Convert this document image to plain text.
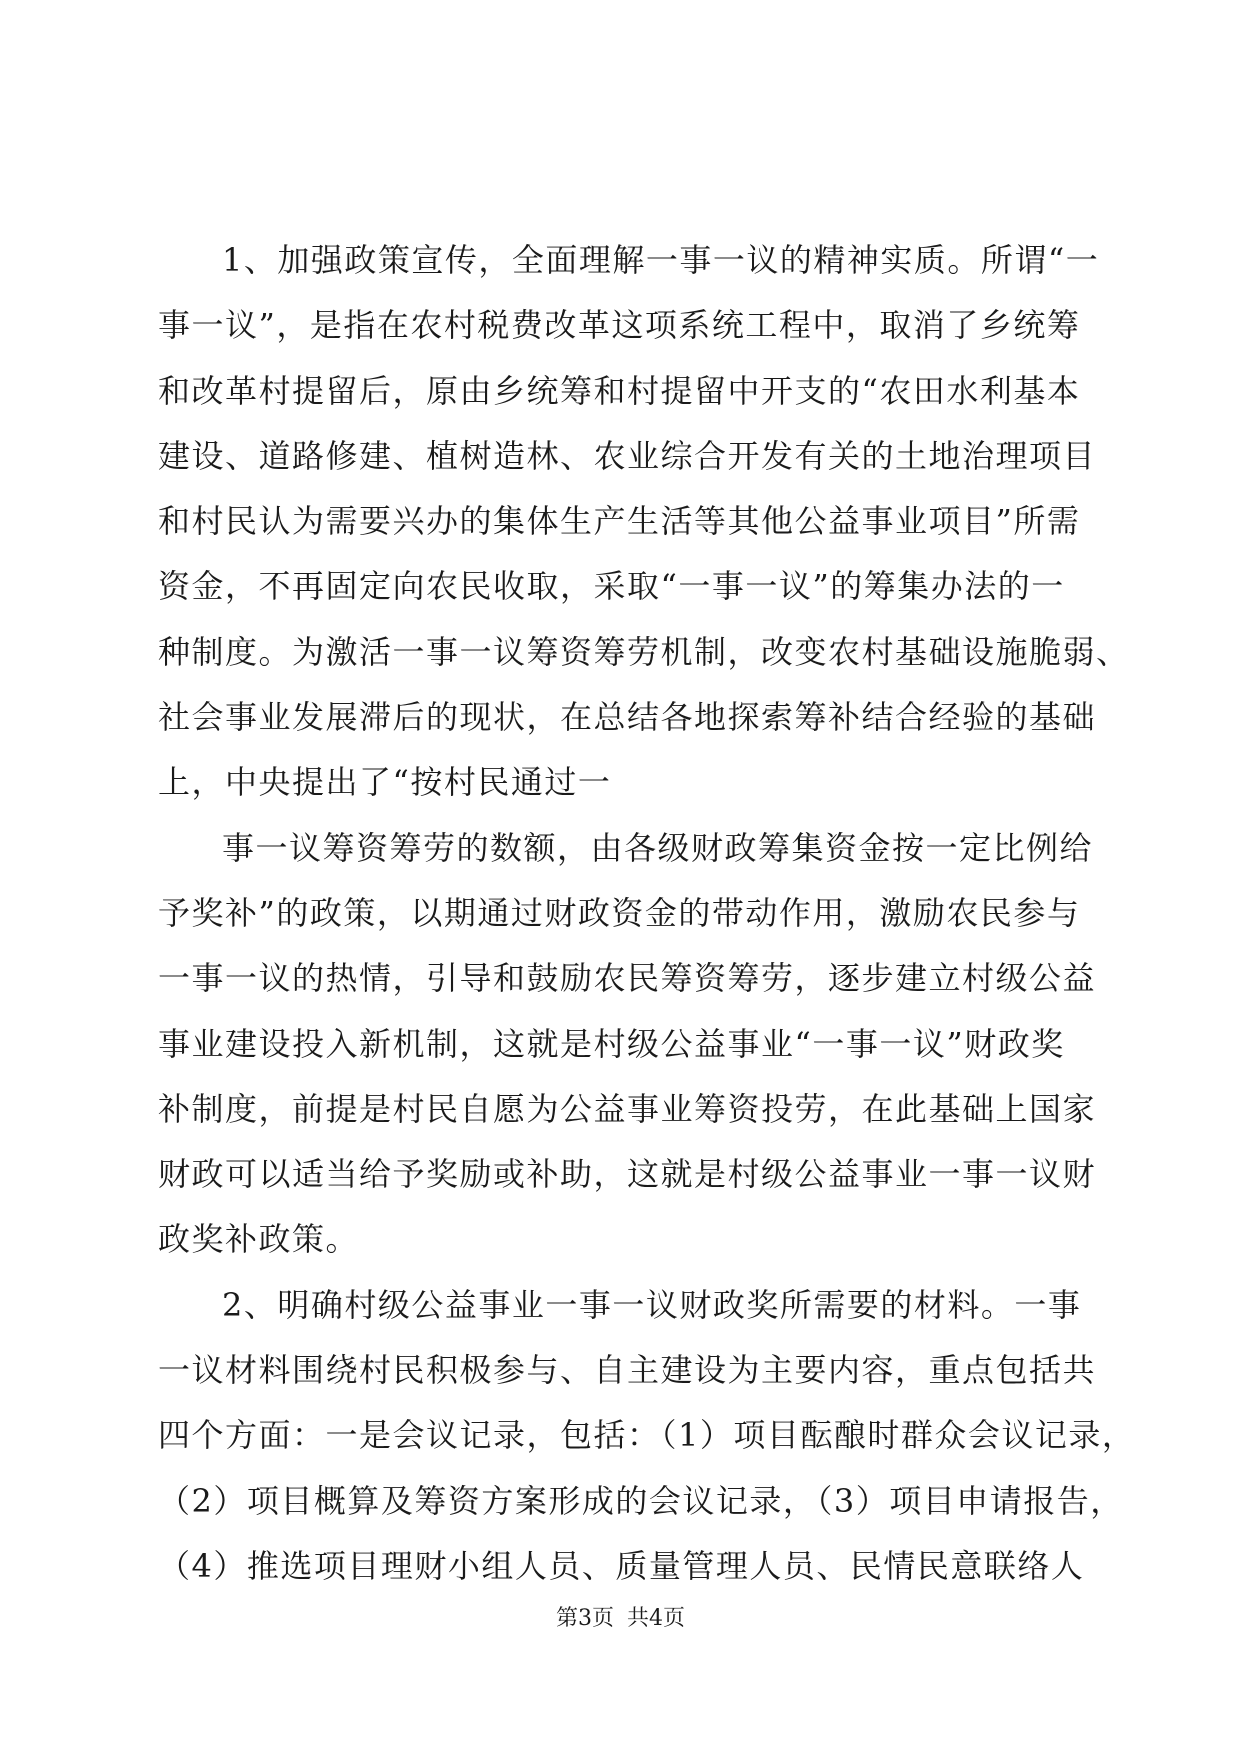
1、加强政策宣传，全面理解一事一议的精神实质。所谓“一
事一议”，是指在农村税费改革这项系统工程中，取消了乡统筹
和改革村提留后，原由乡统筹和村提留中开支的“农田水利基本
建设、道路修建、植树造林、农业综合开发有关的土地治理项目
和村民认为需要兴办的集体生产生活等其他公益事业项目”所需
资金，不再固定向农民收取，采取“一事一议”的筹集办法的一
种制度。为激活一事一议筹资筹劳机制，改变农村基础设施脆弱、
社会事业发展滞后的现状，在总结各地探索筹补结合经验的基础
上，中央提出了“按村民通过一
事一议筹资筹劳的数额，由各级财政筹集资金按一定比例给
予奖补”的政策，以期通过财政资金的带动作用，激励农民参与
一事一议的热情，引导和鼓励农民筹资筹劳，逐步建立村级公益
事业建设投入新机制，这就是村级公益事业“一事一议”财政奖
补制度，前提是村民自愿为公益事业筹资投劳，在此基础上国家
财政可以适当给予奖励或补助，这就是村级公益事业一事一议财
政奖补政策。
2、明确村级公益事业一事一议财政奖所需要的材料。一事
一议材料围绕村民积极参与、自主建设为主要内容，重点包括共
四个方面：一是会议记录，包括：（1）项目酝酿时群众会议记录，
（2）项目概算及筹资方案形成的会议记录，（3）项目申请报告，
（4）推选项目理财小组人员、质量管理人员、民情民意联络人
第3页 共4页
